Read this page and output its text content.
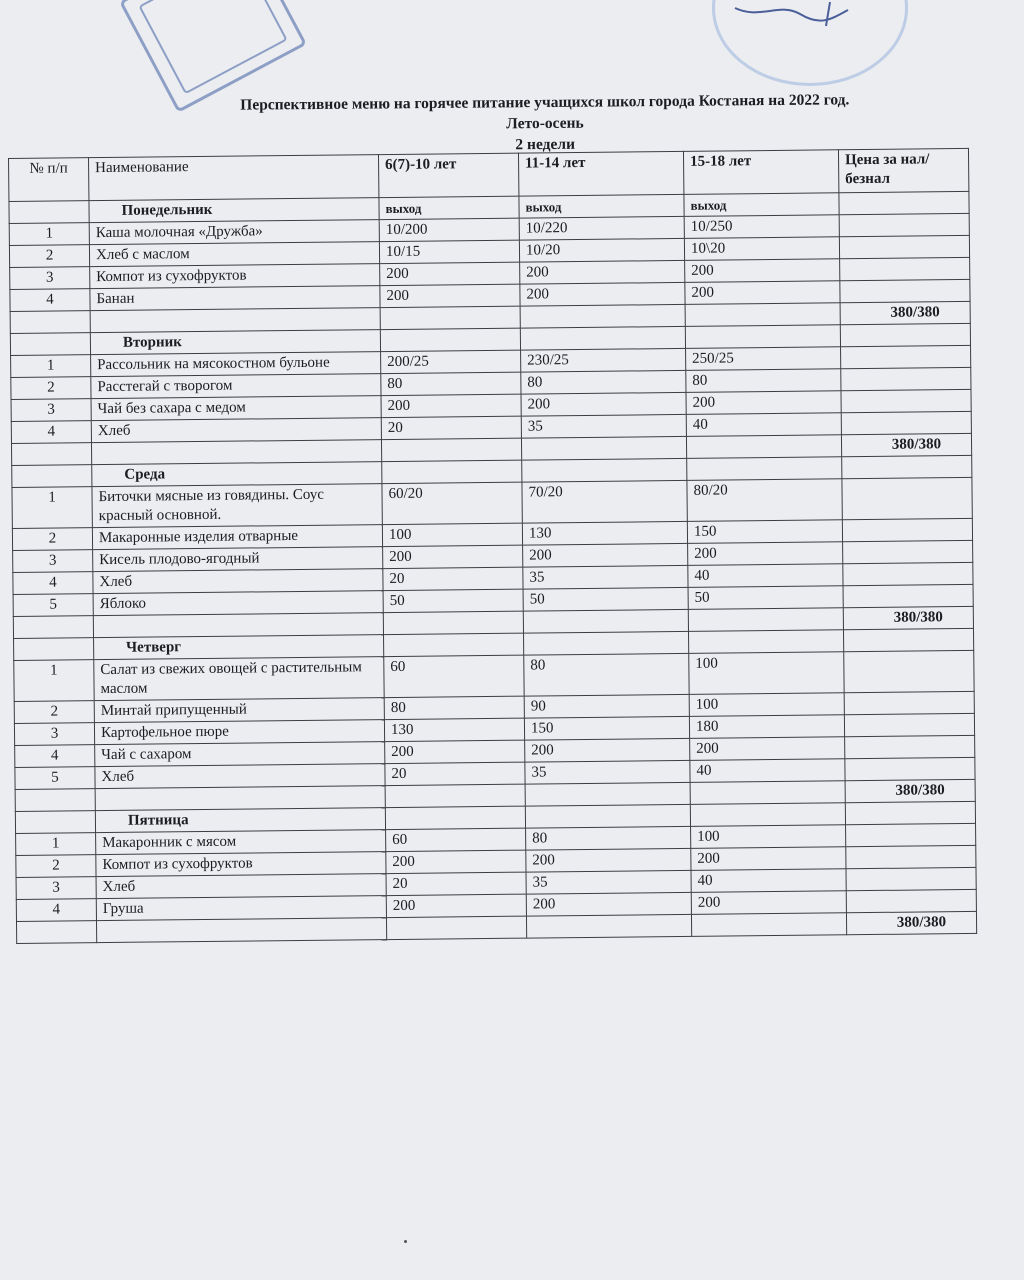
Перспективное меню на горячее питание учащихся школ города Костаная на 2022 год.
Лето-осень
2 недели
№ п/п	Наименование	6(7)-10 лет	11-14 лет	15-18 лет	Цена за нал/безнал
	Понедельник	выход	выход	выход	
1	Каша молочная «Дружба»	10/200	10/220	10/250	
2	Хлеб с маслом	10/15	10/20	10\20	
3	Компот из сухофруктов	200	200	200	
4	Банан	200	200	200	
					380/380
	Вторник				
1	Рассольник на мясокостном бульоне	200/25	230/25	250/25	
2	Расстегай с творогом	80	80	80	
3	Чай без сахара с медом	200	200	200	
4	Хлеб	20	35	40	
					380/380
	Среда				
1	Биточки мясные из говядины. Соус красный основной.	60/20	70/20	80/20	
2	Макаронные изделия отварные	100	130	150	
3	Кисель плодово-ягодный	200	200	200	
4	Хлеб	20	35	40	
5	Яблоко	50	50	50	
					380/380
	Четверг				
1	Салат из свежих овощей с растительным маслом	60	80	100	
2	Минтай припущенный	80	90	100	
3	Картофельное пюре	130	150	180	
4	Чай с сахаром	200	200	200	
5	Хлеб	20	35	40	
					380/380
	Пятница				
1	Макаронник с мясом	60	80	100	
2	Компот из сухофруктов	200	200	200	
3	Хлеб	20	35	40	
4	Груша	200	200	200	
					380/380
